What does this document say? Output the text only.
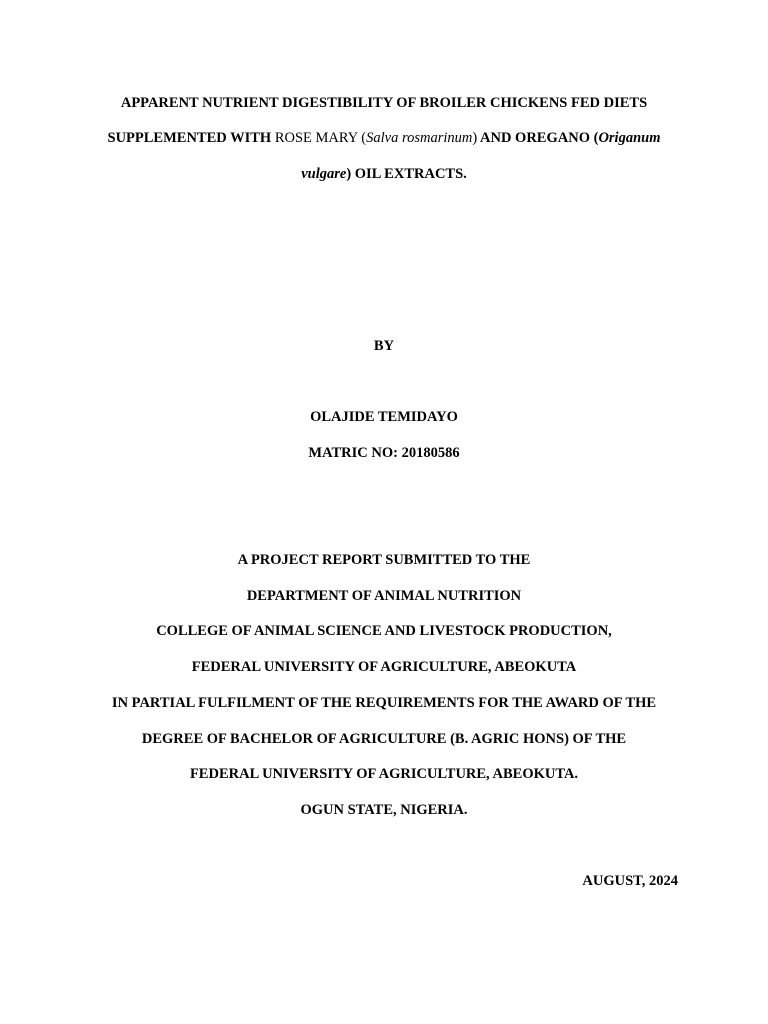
APPARENT NUTRIENT DIGESTIBILITY OF BROILER CHICKENS FED DIETS
SUPPLEMENTED WITH ROSE MARY (Salva rosmarinum) AND OREGANO (Origanum
vulgare) OIL EXTRACTS.
BY
OLAJIDE TEMIDAYO
MATRIC NO: 20180586
A PROJECT REPORT SUBMITTED TO THE
DEPARTMENT OF ANIMAL NUTRITION
COLLEGE OF ANIMAL SCIENCE AND LIVESTOCK PRODUCTION,
FEDERAL UNIVERSITY OF AGRICULTURE, ABEOKUTA
IN PARTIAL FULFILMENT OF THE REQUIREMENTS FOR THE AWARD OF THE
DEGREE OF BACHELOR OF AGRICULTURE (B. AGRIC HONS) OF THE
FEDERAL UNIVERSITY OF AGRICULTURE, ABEOKUTA.
OGUN STATE, NIGERIA.
AUGUST, 2024
